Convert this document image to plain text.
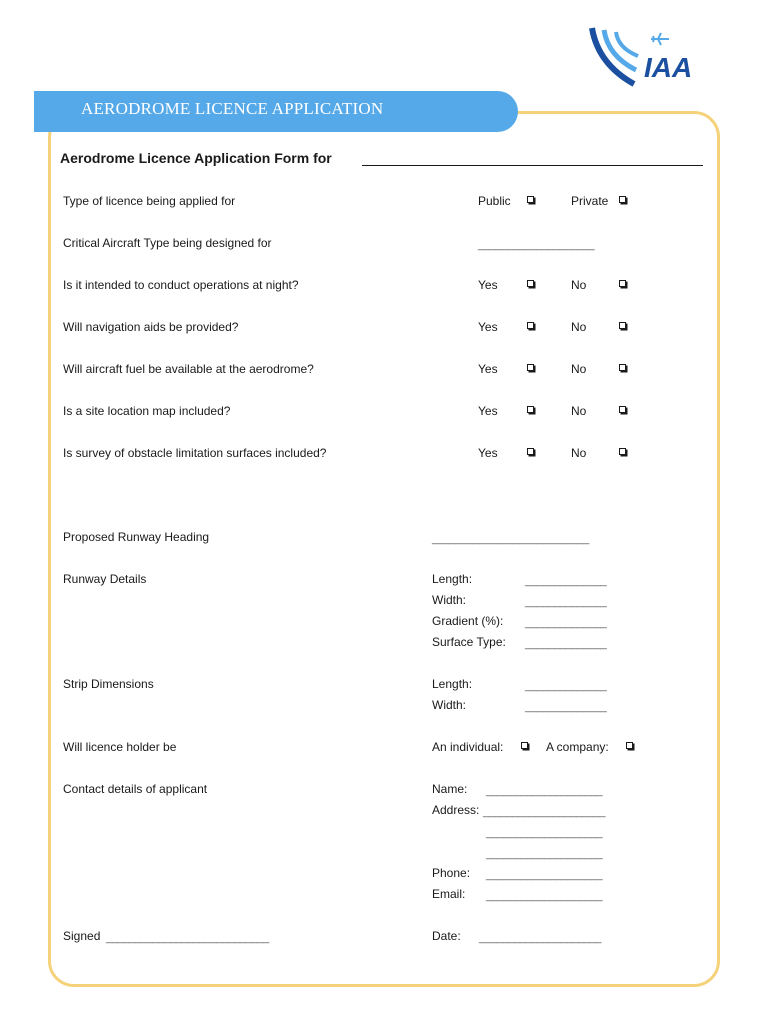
IAA
AERODROME LICENCE APPLICATION
Aerodrome Licence Application Form for
Type of licence being applied for	Public	Private
Critical Aircraft Type being designed for	____________________
Is it intended to conduct operations at night?	Yes	No
Will navigation aids be provided?	Yes	No
Will aircraft fuel be available at the aerodrome?	Yes	No
Is a site location map included?	Yes	No
Is survey of obstacle limitation surfaces included?	Yes	No
Proposed Runway Heading	___________________________
Runway Details	Length:	______________
Width:	______________
Gradient (%): ______________
Surface Type: ______________
Strip Dimensions	Length:	______________
Width:	______________
Will licence holder be	An individual:	A company:
Contact details of applicant	Name: ____________________
Address: _____________________
____________________
____________________
Phone: ____________________
Email: ____________________
Signed ____________________________	Date: _____________________
